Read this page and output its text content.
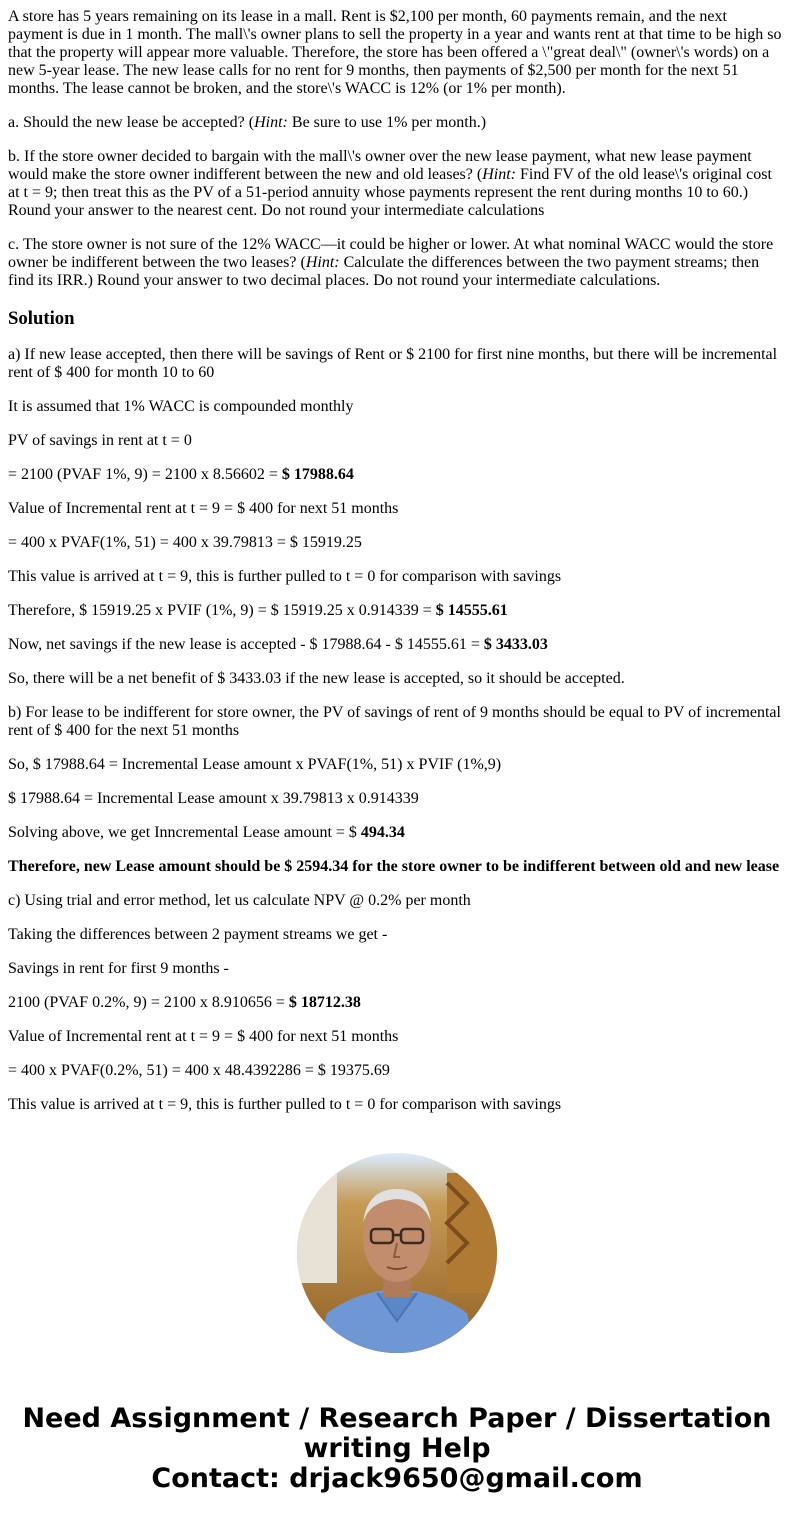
A store has 5 years remaining on its lease in a mall. Rent is $2,100 per month, 60 payments remain, and the next payment is due in 1 month. The mall\'s owner plans to sell the property in a year and wants rent at that time to be high so that the property will appear more valuable. Therefore, the store has been offered a \"great deal\" (owner\'s words) on a new 5-year lease. The new lease calls for no rent for 9 months, then payments of $2,500 per month for the next 51 months. The lease cannot be broken, and the store\'s WACC is 12% (or 1% per month).

a. Should the new lease be accepted? (Hint: Be sure to use 1% per month.)

b. If the store owner decided to bargain with the mall\'s owner over the new lease payment, what new lease payment would make the store owner indifferent between the new and old leases? (Hint: Find FV of the old lease\'s original cost at t = 9; then treat this as the PV of a 51-period annuity whose payments represent the rent during months 10 to 60.) Round your answer to the nearest cent. Do not round your intermediate calculations

c. The store owner is not sure of the 12% WACC—it could be higher or lower. At what nominal WACC would the store owner be indifferent between the two leases? (Hint: Calculate the differences between the two payment streams; then find its IRR.) Round your answer to two decimal places. Do not round your intermediate calculations.

Solution

a) If new lease accepted, then there will be savings of Rent or $ 2100 for first nine months, but there will be incremental rent of $ 400 for month 10 to 60

It is assumed that 1% WACC is compounded monthly

PV of savings in rent at t = 0

= 2100 (PVAF 1%, 9) = 2100 x 8.56602 = $ 17988.64

Value of Incremental rent at t = 9 = $ 400 for next 51 months

= 400 x PVAF(1%, 51) = 400 x 39.79813 = $ 15919.25

This value is arrived at t = 9, this is further pulled to t = 0 for comparison with savings

Therefore, $ 15919.25 x PVIF (1%, 9) = $ 15919.25 x 0.914339 = $ 14555.61

Now, net savings if the new lease is accepted - $ 17988.64 - $ 14555.61 = $ 3433.03

So, there will be a net benefit of $ 3433.03 if the new lease is accepted, so it should be accepted.

b) For lease to be indifferent for store owner, the PV of savings of rent of 9 months should be equal to PV of incremental rent of $ 400 for the next 51 months

So, $ 17988.64 = Incremental Lease amount x PVAF(1%, 51) x PVIF (1%,9)

$ 17988.64 = Incremental Lease amount x 39.79813 x 0.914339

Solving above, we get Inncremental Lease amount = $ 494.34

Therefore, new Lease amount should be $ 2594.34 for the store owner to be indifferent between old and new lease

c) Using trial and error method, let us calculate NPV @ 0.2% per month

Taking the differences between 2 payment streams we get -

Savings in rent for first 9 months -

2100 (PVAF 0.2%, 9) = 2100 x 8.910656 = $ 18712.38

Value of Incremental rent at t = 9 = $ 400 for next 51 months

= 400 x PVAF(0.2%, 51) = 400 x 48.4392286 = $ 19375.69

This value is arrived at t = 9, this is further pulled to t = 0 for comparison with savings

Need Assignment / Research Paper / Dissertation
writing Help
Contact: drjack9650@gmail.com
